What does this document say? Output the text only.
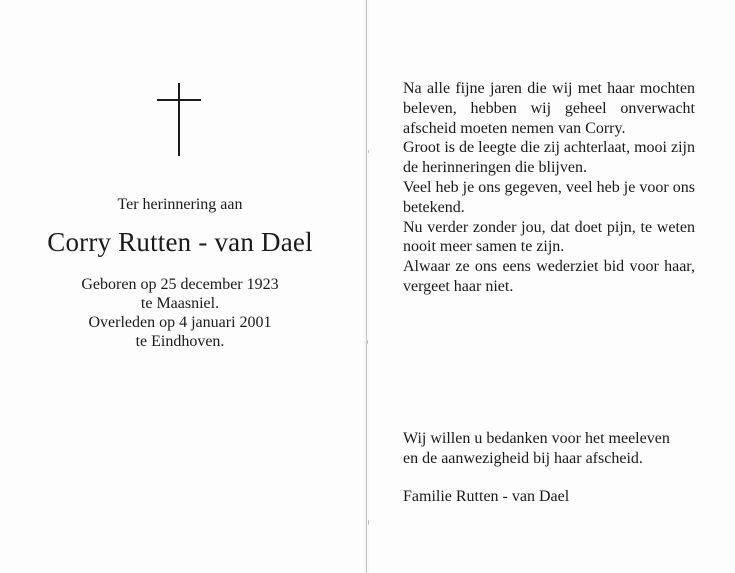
Ter herinnering aan
Corry Rutten - van Dael
Geboren op 25 december 1923
te Maasniel.
Overleden op 4 januari 2001
te Eindhoven.

Na alle fijne jaren die wij met haar mochten beleven, hebben wij geheel onverwacht afscheid moeten nemen van Corry.

Groot is de leegte die zij achterlaat, mooi zijn de herinneringen die blijven.

Veel heb je ons gegeven, veel heb je voor ons betekend.

Nu verder zonder jou, dat doet pijn, te weten nooit meer samen te zijn.

Alwaar ze ons eens wederziet bid voor haar, vergeet haar niet.

Wij willen u bedanken voor het meeleven
en de aanwezigheid bij haar afscheid.
Familie Rutten - van Dael
